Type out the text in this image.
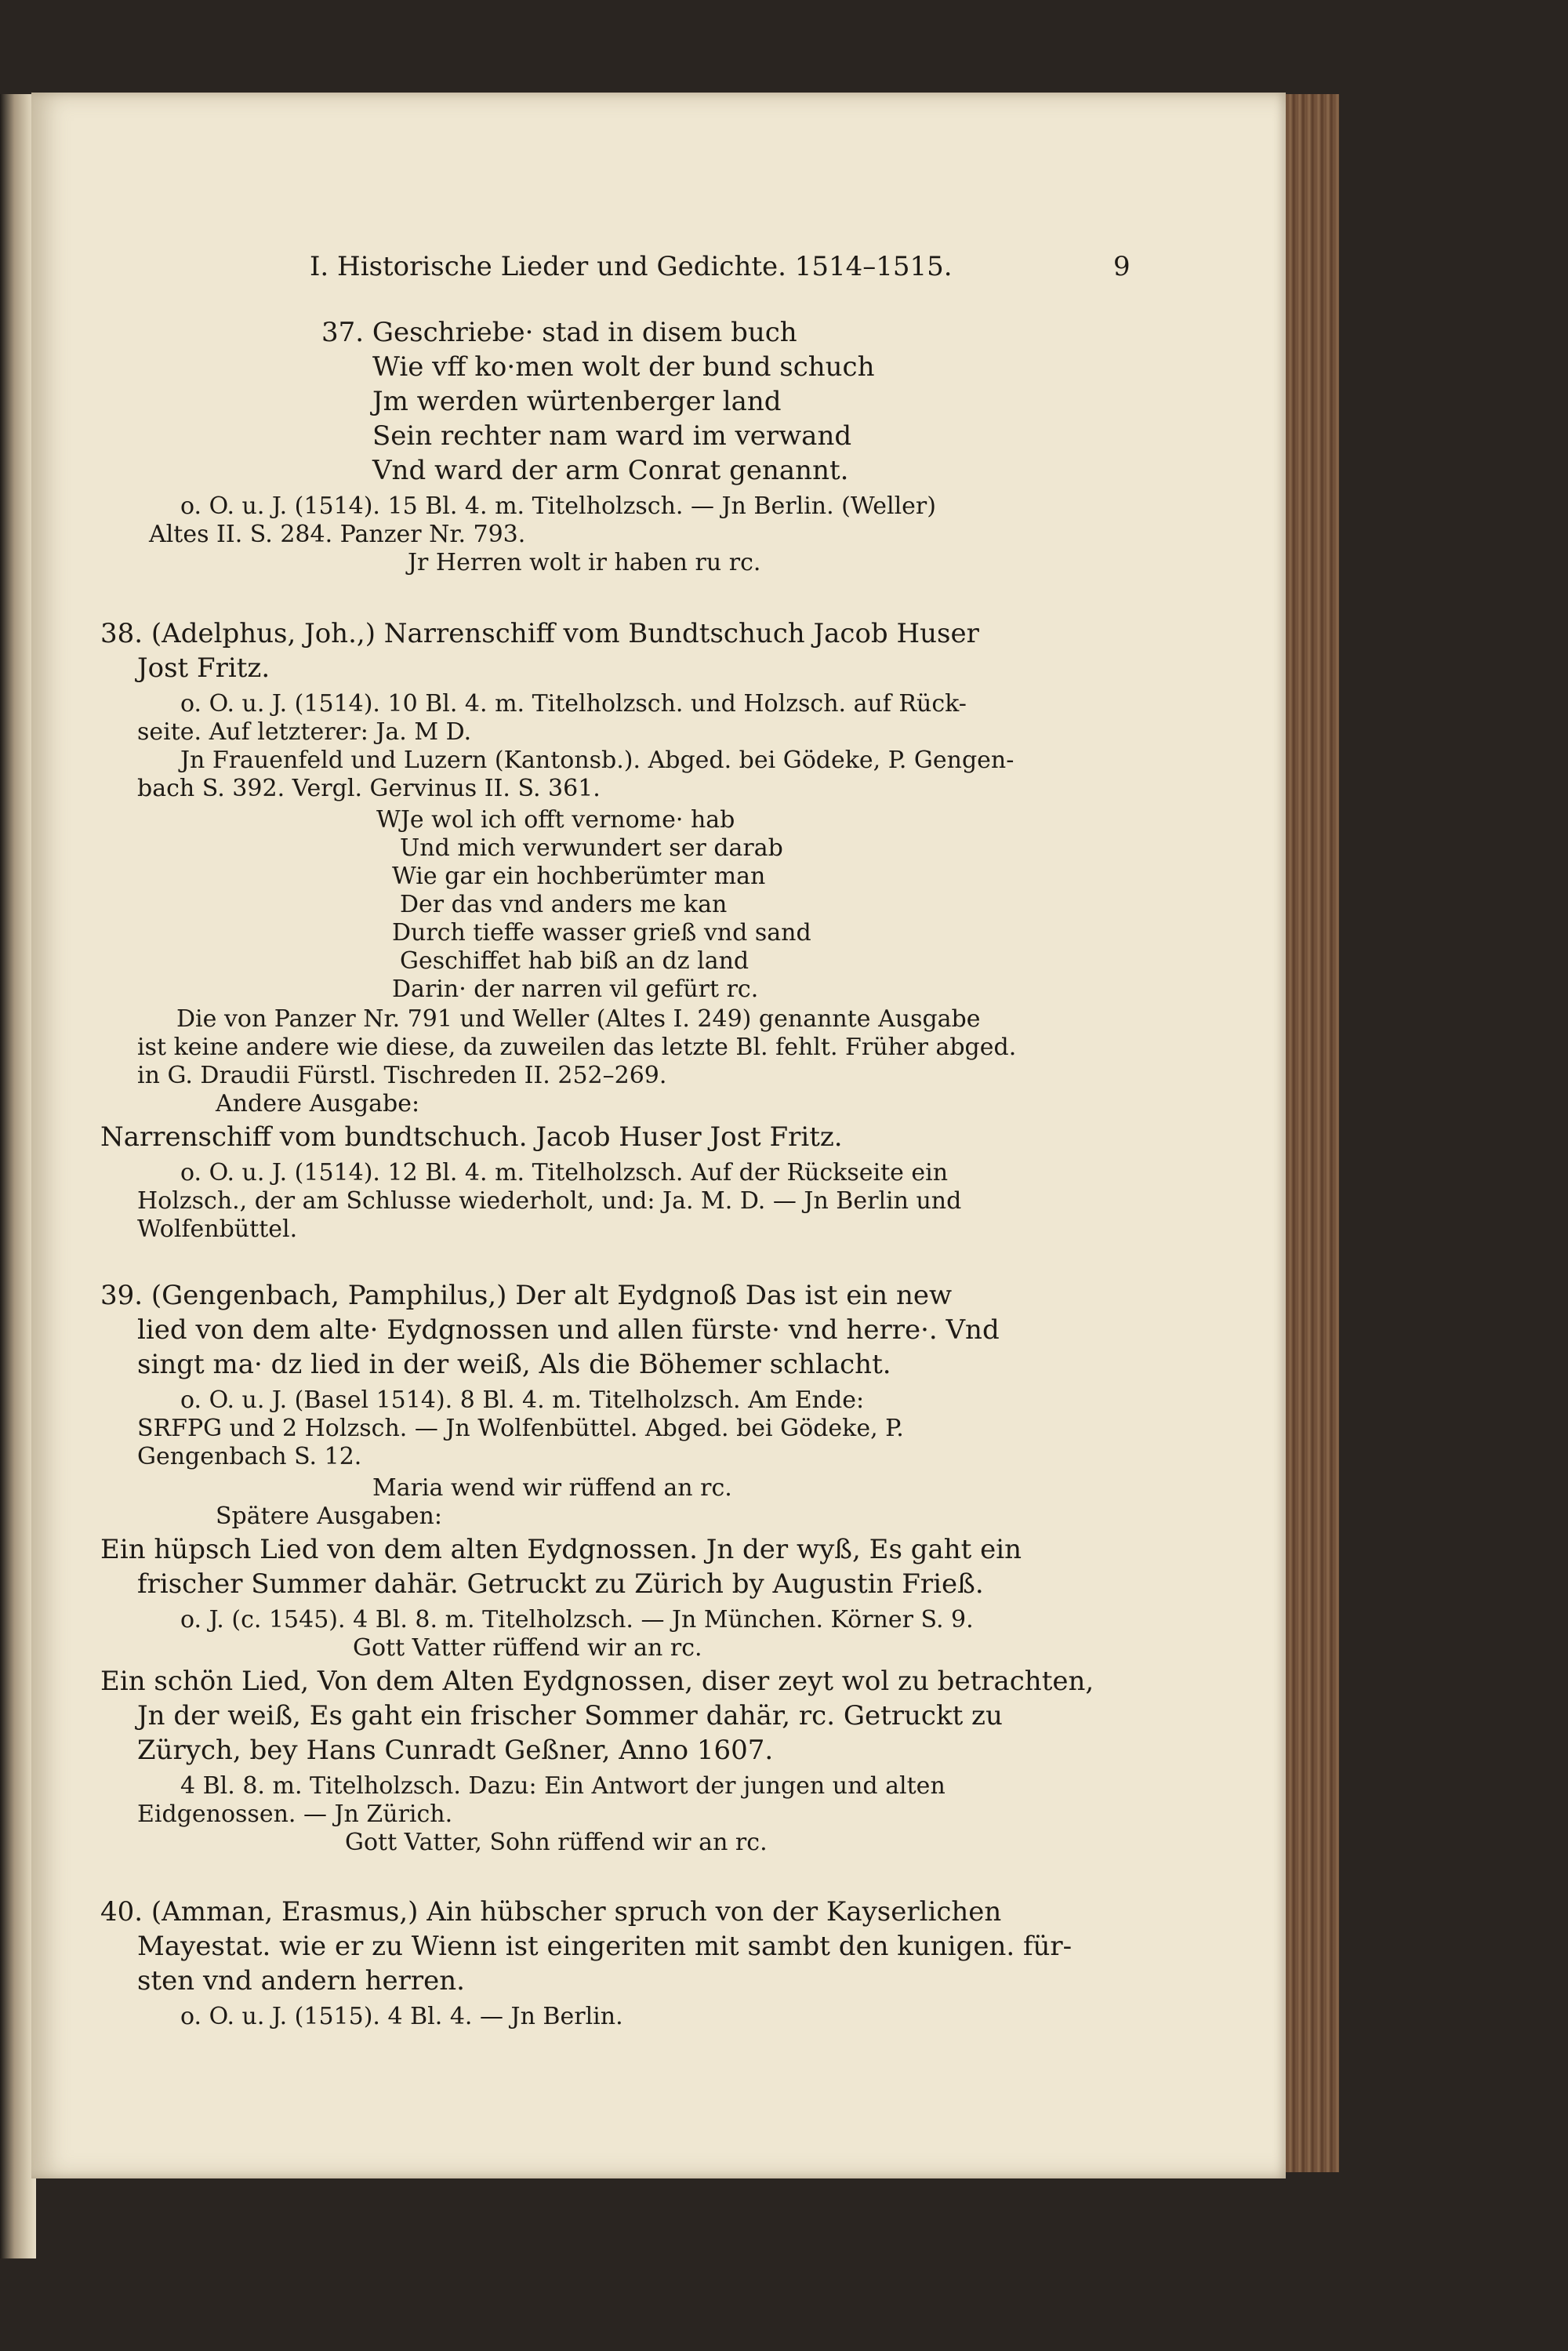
I. Historische Lieder und Gedichte. 1514–1515.	9
37. Geschriebe· stad in disem buch
Wie vff ko·men wolt der bund schuch
Jm werden würtenberger land
Sein rechter nam ward im verwand
Vnd ward der arm Conrat genannt.
o. O. u. J. (1514). 15 Bl. 4. m. Titelholzsch. — Jn Berlin. (Weller)
Altes II. S. 284. Panzer Nr. 793.
Jr Herren wolt ir haben ru rc.
38. (Adelphus, Joh.,) Narrenschiff vom Bundtschuch Jacob Huser
Jost Fritz.
o. O. u. J. (1514). 10 Bl. 4. m. Titelholzsch. und Holzsch. auf Rück-
seite. Auf letzterer: Ja. M D.
Jn Frauenfeld und Luzern (Kantonsb.). Abged. bei Gödeke, P. Gengen-
bach S. 392. Vergl. Gervinus II. S. 361.
WJe wol ich offt vernome· hab
Und mich verwundert ser darab
Wie gar ein hochberümter man
Der das vnd anders me kan
Durch tieffe wasser grieß vnd sand
Geschiffet hab biß an dz land
Darin· der narren vil gefürt rc.
Die von Panzer Nr. 791 und Weller (Altes I. 249) genannte Ausgabe
ist keine andere wie diese, da zuweilen das letzte Bl. fehlt. Früher abged.
in G. Draudii Fürstl. Tischreden II. 252–269.
Andere Ausgabe:
Narrenschiff vom bundtschuch. Jacob Huser Jost Fritz.
o. O. u. J. (1514). 12 Bl. 4. m. Titelholzsch. Auf der Rückseite ein
Holzsch., der am Schlusse wiederholt, und: Ja. M. D. — Jn Berlin und
Wolfenbüttel.
39. (Gengenbach, Pamphilus,) Der alt Eydgnoß Das ist ein new
lied von dem alte· Eydgnossen und allen fürste· vnd herre·. Vnd
singt ma· dz lied in der weiß, Als die Böhemer schlacht.
o. O. u. J. (Basel 1514). 8 Bl. 4. m. Titelholzsch. Am Ende:
SRFPG und 2 Holzsch. — Jn Wolfenbüttel. Abged. bei Gödeke, P.
Gengenbach S. 12.
Maria wend wir rüffend an rc.
Spätere Ausgaben:
Ein hüpsch Lied von dem alten Eydgnossen. Jn der wyß, Es gaht ein
frischer Summer dahär. Getruckt zu Zürich by Augustin Frieß.
o. J. (c. 1545). 4 Bl. 8. m. Titelholzsch. — Jn München. Körner S. 9.
Gott Vatter rüffend wir an rc.
Ein schön Lied, Von dem Alten Eydgnossen, diser zeyt wol zu betrachten,
Jn der weiß, Es gaht ein frischer Sommer dahär, rc. Getruckt zu
Zürych, bey Hans Cunradt Geßner, Anno 1607.
4 Bl. 8. m. Titelholzsch. Dazu: Ein Antwort der jungen und alten
Eidgenossen. — Jn Zürich.
Gott Vatter, Sohn rüffend wir an rc.
40. (Amman, Erasmus,) Ain hübscher spruch von der Kayserlichen
Mayestat. wie er zu Wienn ist eingeriten mit sambt den kunigen. für-
sten vnd andern herren.
o. O. u. J. (1515). 4 Bl. 4. — Jn Berlin.
